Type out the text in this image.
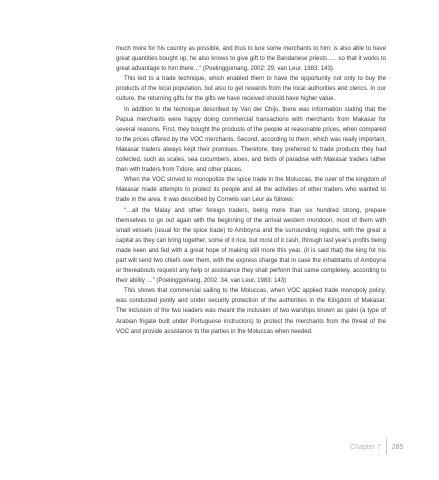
much more for his country as possible, and thus to lure some merchants to him; is also able to have great quantities bought up; he also knows to give gift to the Bandanese priests …. so that it works to great advantage to him there…” (Poelinggomang, 2002: 29, van Leur, 1983: 143).

This led to a trade technique, which enabled them to have the opportunity not only to buy the products of the local population, but also to get rewards from the local authorities and clerics. In our culture, the returning gifts for the gifts we have received should have higher value.

In addition to the technique described by Van der Chijs, there was information stating that the Papua merchants were happy doing commercial transactions with merchants from Makasar for several reasons. First, they bought the products of the people at reasonable prices, when compared to the prices offered by the VOC merchants. Second, according to them, which was really important, Makasar traders always kept their promises. Therefore, they preferred to trade products they had collected, such as scales, sea cucumbers, aloes, and birds of paradise with Makasar traders rather than with traders from Tidore, and other places.

When the VOC strived to monopolize the spice trade in the Moluccas, the ruler of the kingdom of Makasar made attempts to protect its people and all the activities of other traders who wanted to trade in the area. It was described by Cornelis van Leur as follows:

“…all the Malay and other foreign traders, being more than six hundred strong, prepare themselves to go out again with the beginning of the arrival western mondoon, most of them with small vessels (usual for the spice trade) to Amboyna and the surrounding regions, with the great a capital as they can bring together, some of it rice, but most of it cash, through last year’s profits being made keen and fed with a great hope of making still more this year, (it is said that) the king for his part will send two chiefs over them, with the express charge that in case the inhabitants of Amboyna or thereabouts request any help or assistance they shall perform that same completely, according to their ability …” (Poelinggomang, 2002: 34, van Leur, 1983: 143)

This shows that commercial sailing to the Moluccas, when VOC applied trade monopoly policy, was conducted jointly and under security protection of the authorities in the Kingdom of Makasar. The inclusion of the two leaders was meant the inclusion of two warships known as galei (a type of Arabian frigate built under Portuguese instructors) to protect the merchants from the threat of the VOC and provide assistance to the parties in the Moluccas when needed.

Chapter 7	285
